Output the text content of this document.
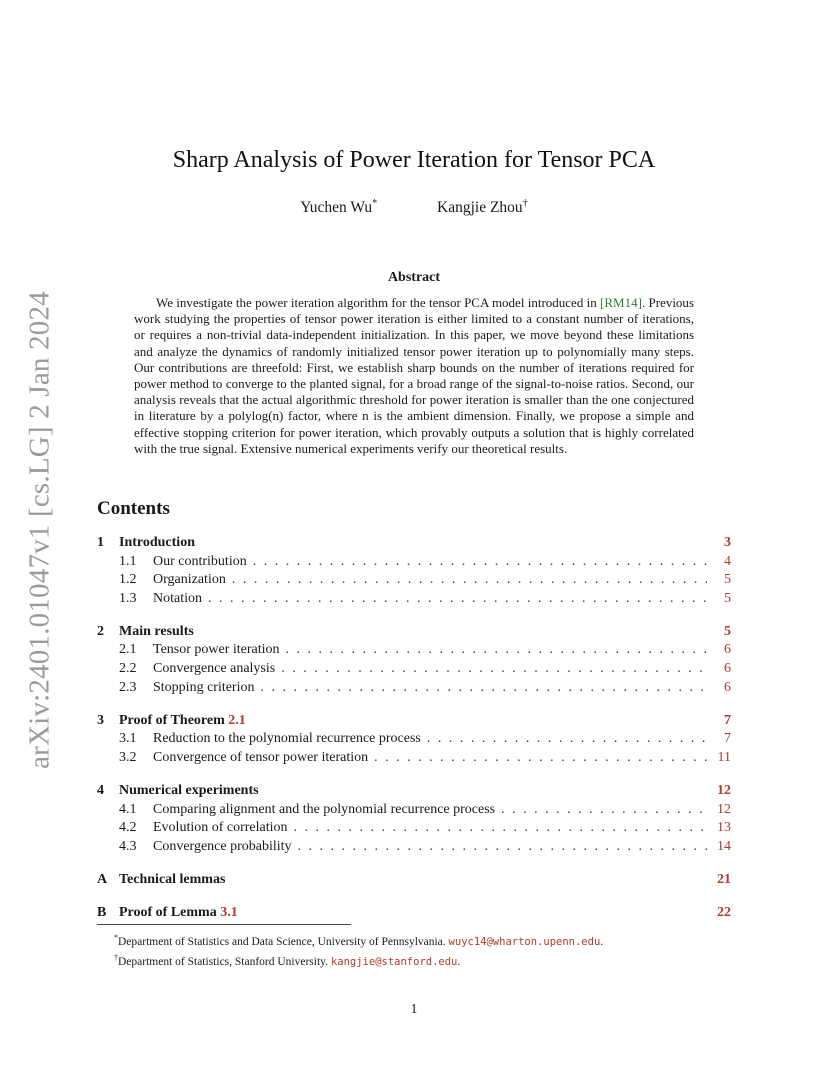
arXiv:2401.01047v1 [cs.LG] 2 Jan 2024
Sharp Analysis of Power Iteration for Tensor PCA
Yuchen Wu*	Kangjie Zhou†
Abstract

We investigate the power iteration algorithm for the tensor PCA model introduced in [RM14]. Previous work studying the properties of tensor power iteration is either limited to a constant number of iterations, or requires a non-trivial data-independent initialization. In this paper, we move beyond these limitations and analyze the dynamics of randomly initialized tensor power iteration up to polynomially many steps. Our contributions are threefold: First, we establish sharp bounds on the number of iterations required for power method to converge to the planted signal, for a broad range of the signal-to-noise ratios. Second, our analysis reveals that the actual algorithmic threshold for power iteration is smaller than the one conjectured in literature by a polylog(n) factor, where n is the ambient dimension. Finally, we propose a simple and effective stopping criterion for power iteration, which provably outputs a solution that is highly correlated with the true signal. Extensive numerical experiments verify our theoretical results.

Contents
1	Introduction	3
1.1	Our contribution . . .	4
1.2	Organization . . .	5
1.3	Notation . . .	5
2	Main results	5
2.1	Tensor power iteration . . .	6
2.2	Convergence analysis . . .	6
2.3	Stopping criterion . . .	6
3	Proof of Theorem 2.1	7
3.1	Reduction to the polynomial recurrence process . . .	7
3.2	Convergence of tensor power iteration . . .	11
4	Numerical experiments	12
4.1	Comparing alignment and the polynomial recurrence process . . .	12
4.2	Evolution of correlation . . .	13
4.3	Convergence probability . . .	14
A Technical lemmas	21
B Proof of Lemma 3.1	22
*Department of Statistics and Data Science, University of Pennsylvania. wuyc14@wharton.upenn.edu.
†Department of Statistics, Stanford University. kangjie@stanford.edu.
1
